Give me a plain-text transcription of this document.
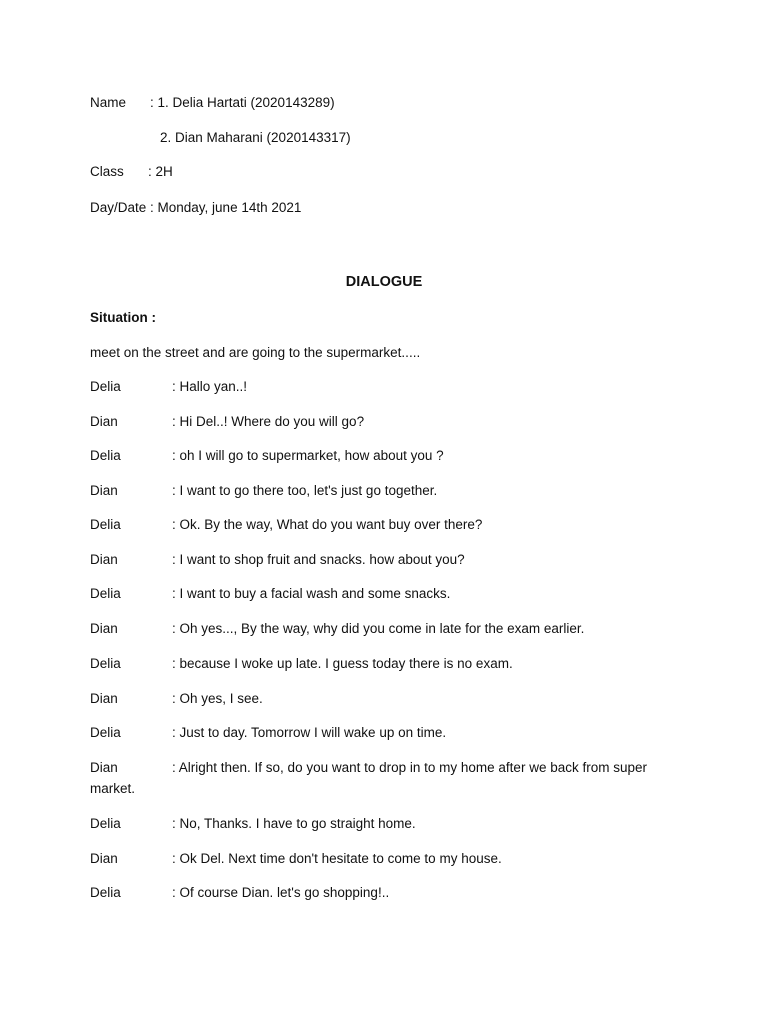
Name : 1. Delia Hartati (2020143289)
2. Dian Maharani (2020143317)
Class : 2H
Day/Date : Monday, june 14th 2021
DIALOGUE
Situation :
meet on the street and are going to the supermarket.....
Delia	: Hallo yan..!
Dian	: Hi Del..! Where do you will go?
Delia	: oh I will go to supermarket, how about you ?
Dian	: I want to go there too, let's just go together.
Delia	: Ok. By the way, What do you want buy over there?
Dian	: I want to shop fruit and snacks. how about you?
Delia	: I want to buy a facial wash and some snacks.
Dian	: Oh yes..., By the way, why did you come in late for the exam earlier.
Delia	: because I woke up late. I guess today there is no exam.
Dian	: Oh yes, I see.
Delia	: Just to day. Tomorrow I will wake up on time.
Dian	: Alright then. If so, do you want to drop in to my home after we back from super
market.
Delia	: No, Thanks. I have to go straight home.
Dian	: Ok Del. Next time don't hesitate to come to my house.
Delia	: Of course Dian. let's go shopping!..
